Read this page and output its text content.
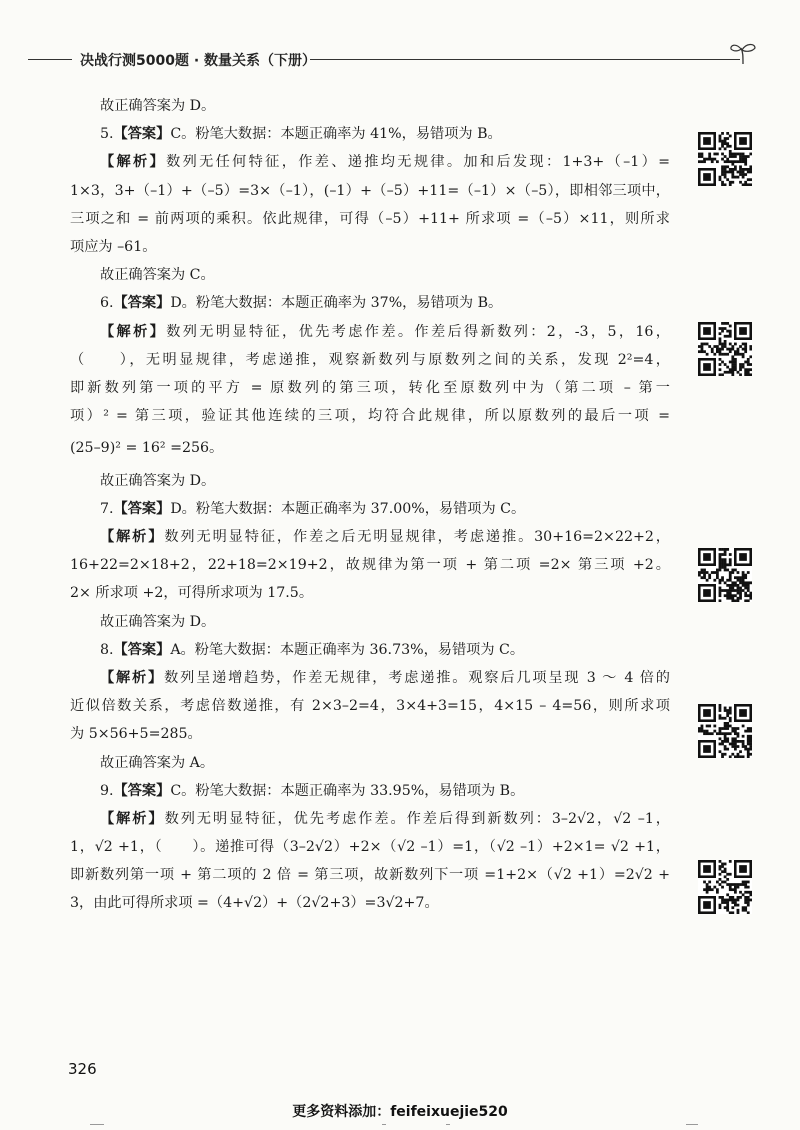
决战行测5000题 · 数量关系（下册）
故正确答案为 D。
5.【答案】C。粉笔大数据：本题正确率为 41%，易错项为 B。
【解析】数列无任何特征，作差、递推均无规律。加和后发现：1+3+（–1）=
1×3，3+（–1）+（–5）=3×（–1），(–1）+（–5）+11=（–1）×（–5），即相邻三项中，
三项之和 = 前两项的乘积。依此规律，可得（–5）+11+ 所求项 =（–5）×11，则所求
项应为 –61。
故正确答案为 C。
6.【答案】D。粉笔大数据：本题正确率为 37%，易错项为 B。
【解析】数列无明显特征，优先考虑作差。作差后得新数列：2，-3，5，16，
（　　），无明显规律，考虑递推，观察新数列与原数列之间的关系，发现 2²=4，
即新数列第一项的平方 = 原数列的第三项，转化至原数列中为（第二项 – 第一
项）² = 第三项，验证其他连续的三项，均符合此规律，所以原数列的最后一项 =
(25–9)² = 16² =256。
故正确答案为 D。
7.【答案】D。粉笔大数据：本题正确率为 37.00%，易错项为 C。
【解析】数列无明显特征，作差之后无明显规律，考虑递推。30+16=2×22+2，
16+22=2×18+2，22+18=2×19+2，故规律为第一项 + 第二项 =2× 第三项 +2。
2× 所求项 +2，可得所求项为 17.5。
故正确答案为 D。
8.【答案】A。粉笔大数据：本题正确率为 36.73%，易错项为 C。
【解析】数列呈递增趋势，作差无规律，考虑递推。观察后几项呈现 3 ～ 4 倍的
近似倍数关系，考虑倍数递推，有 2×3–2=4，3×4+3=15，4×15 – 4=56，则所求项
为 5×56+5=285。
故正确答案为 A。
9.【答案】C。粉笔大数据：本题正确率为 33.95%，易错项为 B。
【解析】数列无明显特征，优先考虑作差。作差后得到新数列：3–2√2，√2 –1，
1，√2 +1，（　　）。递推可得（3–2√2）+2×（√2 –1）=1，（√2 –1）+2×1= √2 +1，
即新数列第一项 + 第二项的 2 倍 = 第三项，故新数列下一项 =1+2×（√2 +1）=2√2 +
3，由此可得所求项 =（4+√2）+（2√2+3）=3√2+7。
326
更多资料添加：feifeixuejie520
